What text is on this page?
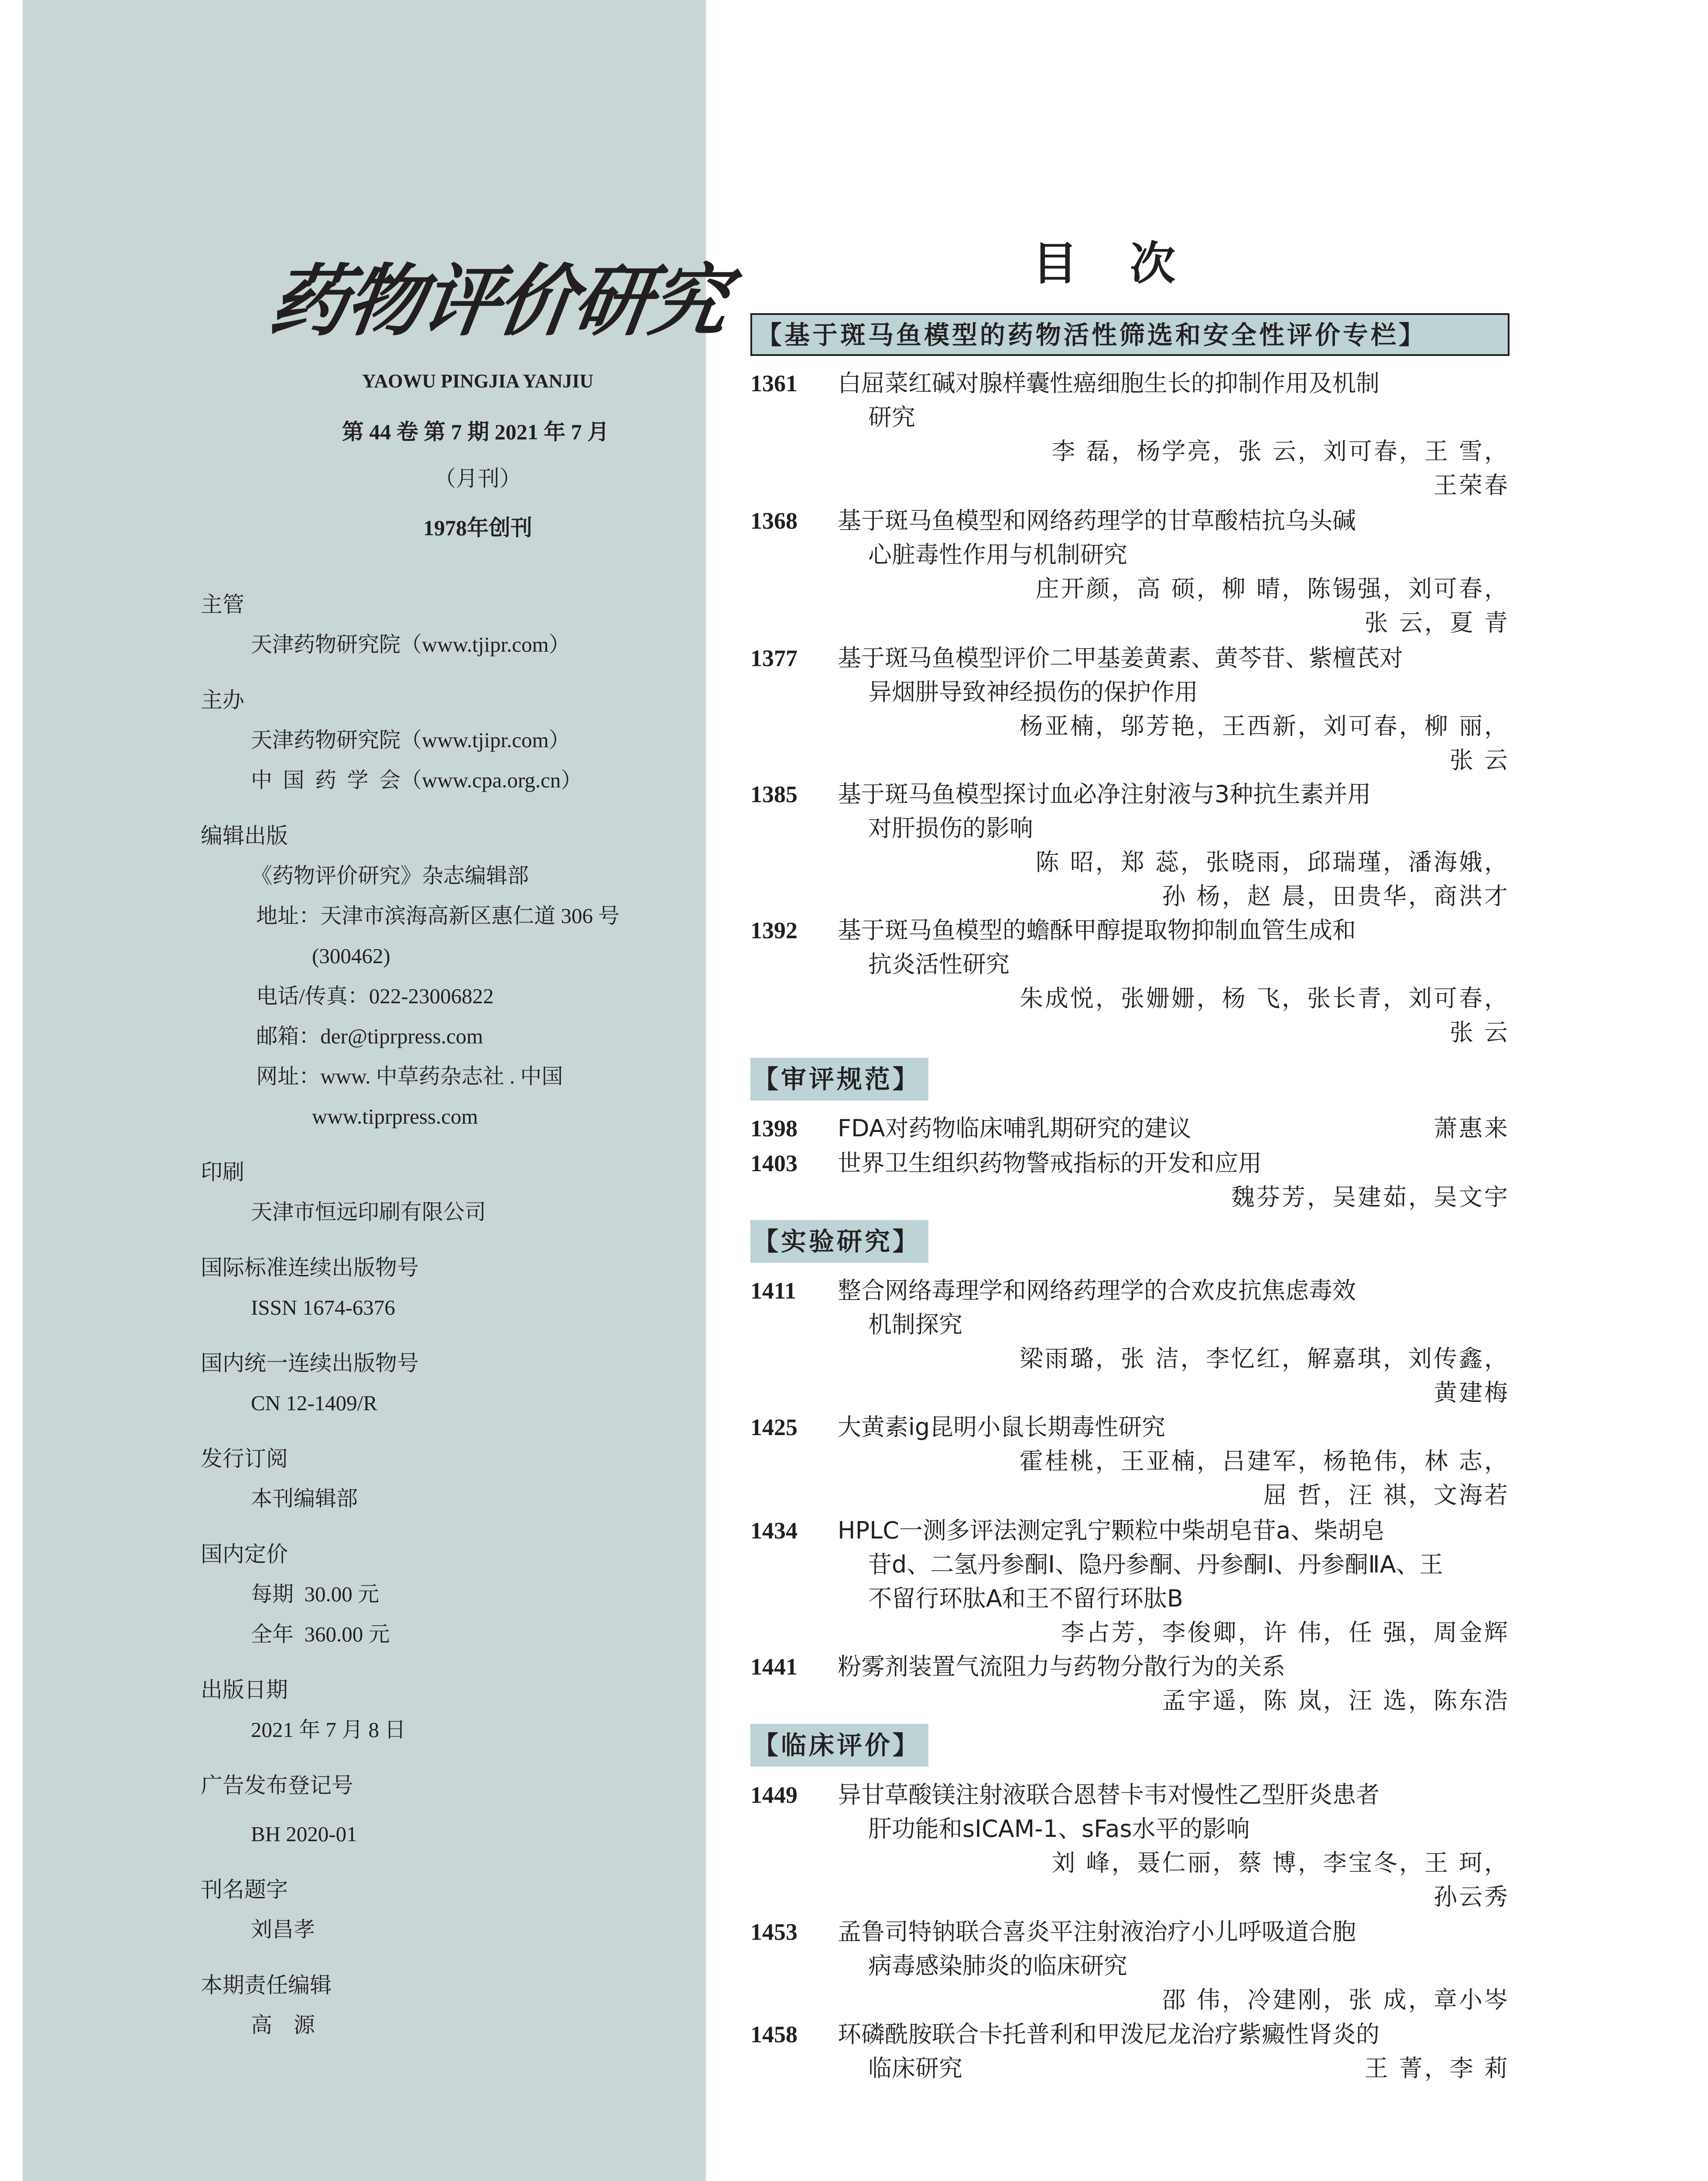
药物评价研究
YAOWU PINGJIA YANJIU
第 44 卷 第 7 期 2021 年 7 月
（月刊）
1978年创刊
主管
天津药物研究院（www.tjipr.com）
主办
天津药物研究院（www.tjipr.com）
中  国  药  学  会（www.cpa.org.cn）
编辑出版
《药物评价研究》杂志编辑部
地址：天津市滨海高新区惠仁道 306 号
(300462)
电话/传真：022-23006822
邮箱：der@tiprpress.com
网址：www. 中草药杂志社 . 中国
www.tiprpress.com
印刷
天津市恒远印刷有限公司
国际标准连续出版物号
ISSN 1674-6376
国内统一连续出版物号
CN 12-1409/R
发行订阅
本刊编辑部
国内定价
每期  30.00 元
全年  360.00 元
出版日期
2021 年 7 月 8 日
广告发布登记号
BH 2020-01
刊名题字
刘昌孝
本期责任编辑
高    源
目次
【基于斑马鱼模型的药物活性筛选和安全性评价专栏】
1361	白屈菜红碱对腺样囊性癌细胞生长的抑制作用及机制
研究
李 磊，杨学亮，张 云，刘可春，王 雪，
王荣春
1368	基于斑马鱼模型和网络药理学的甘草酸桔抗乌头碱
心脏毒性作用与机制研究
庄开颜，高 硕，柳 晴，陈锡强，刘可春，
张 云，夏 青
1377	基于斑马鱼模型评价二甲基姜黄素、黄芩苷、紫檀芪对
异烟肼导致神经损伤的保护作用
杨亚楠，邬芳艳，王西新，刘可春，柳 丽，
张 云
1385	基于斑马鱼模型探讨血必净注射液与3种抗生素并用
对肝损伤的影响
陈 昭，郑 蕊，张晓雨，邱瑞瑾，潘海娥，
孙 杨，赵 晨，田贵华，商洪才
1392	基于斑马鱼模型的蟾酥甲醇提取物抑制血管生成和
抗炎活性研究
朱成悦，张姗姗，杨 飞，张长青，刘可春，
张 云
【审评规范】
1398	FDA对药物临床哺乳期研究的建议	萧惠来
1403	世界卫生组织药物警戒指标的开发和应用
魏芬芳，吴建茹，吴文宇
【实验研究】
1411	整合网络毒理学和网络药理学的合欢皮抗焦虑毒效
机制探究
梁雨璐，张 洁，李忆红，解嘉琪，刘传鑫，
黄建梅
1425	大黄素ig昆明小鼠长期毒性研究
霍桂桃，王亚楠，吕建军，杨艳伟，林 志，
屈 哲，汪 祺，文海若
1434	HPLC一测多评法测定乳宁颗粒中柴胡皂苷a、柴胡皂
苷d、二氢丹参酮Ⅰ、隐丹参酮、丹参酮Ⅰ、丹参酮ⅡA、王
不留行环肽A和王不留行环肽B
李占芳，李俊卿，许 伟，任 强，周金辉
1441	粉雾剂装置气流阻力与药物分散行为的关系
孟宇遥，陈 岚，汪 选，陈东浩
【临床评价】
1449	异甘草酸镁注射液联合恩替卡韦对慢性乙型肝炎患者
肝功能和sICAM-1、sFas水平的影响
刘 峰，聂仁丽，蔡 博，李宝冬，王 珂，
孙云秀
1453	孟鲁司特钠联合喜炎平注射液治疗小儿呼吸道合胞
病毒感染肺炎的临床研究
邵 伟，冷建刚，张 成，章小岑
1458	环磷酰胺联合卡托普利和甲泼尼龙治疗紫癜性肾炎的
临床研究	王 菁，李 莉
